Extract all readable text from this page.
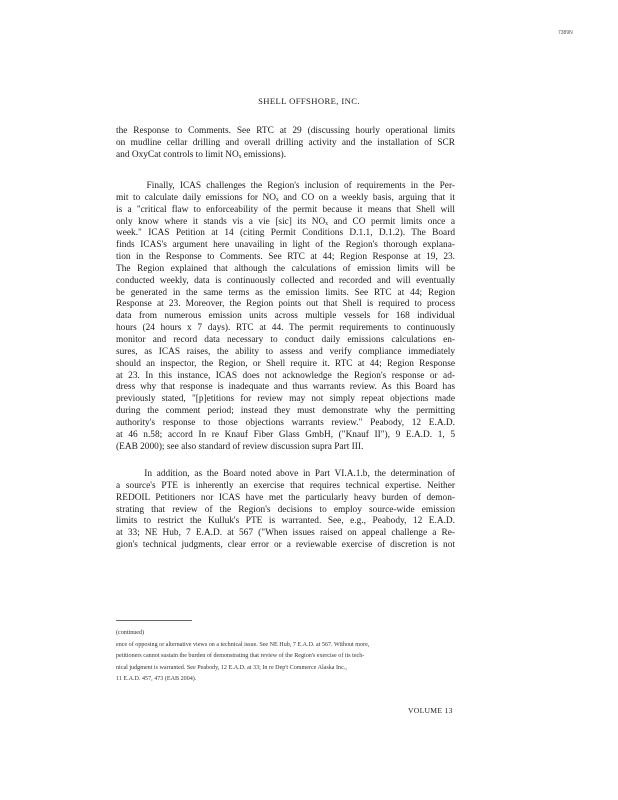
7389N
SHELL OFFSHORE, INC.
the Response to Comments. See RTC at 29 (discussing hourly operational limits
on mudline cellar drilling and overall drilling activity and the installation of SCR
and OxyCat controls to limit NOₓ emissions).
Finally, ICAS challenges the Region's inclusion of requirements in the Per-
mit to calculate daily emissions for NOₓ and CO on a weekly basis, arguing that it
is a "critical flaw to enforceability of the permit because it means that Shell will
only know where it stands vis a vie [sic] its NOₓ and CO permit limits once a
week." ICAS Petition at 14 (citing Permit Conditions D.1.1, D.1.2). The Board
finds ICAS's argument here unavailing in light of the Region's thorough explana-
tion in the Response to Comments. See RTC at 44; Region Response at 19, 23.
The Region explained that although the calculations of emission limits will be
conducted weekly, data is continuously collected and recorded and will eventually
be generated in the same terms as the emission limits. See RTC at 44; Region
Response at 23. Moreover, the Region points out that Shell is required to process
data from numerous emission units across multiple vessels for 168 individual
hours (24 hours x 7 days). RTC at 44. The permit requirements to continuously
monitor and record data necessary to conduct daily emissions calculations en-
sures, as ICAS raises, the ability to assess and verify compliance immediately
should an inspector, the Region, or Shell require it. RTC at 44; Region Response
at 23. In this instance, ICAS does not acknowledge the Region's response or ad-
dress why that response is inadequate and thus warrants review. As this Board has
previously stated, "[p]etitions for review may not simply repeat objections made
during the comment period; instead they must demonstrate why the permitting
authority's response to those objections warrants review." Peabody, 12 E.A.D.
at 46 n.58; accord In re Knauf Fiber Glass GmbH, ("Knauf II"), 9 E.A.D. 1, 5
(EAB 2000); see also standard of review discussion supra Part III.
In addition, as the Board noted above in Part VI.A.1.b, the determination of
a source's PTE is inherently an exercise that requires technical expertise. Neither
REDOIL Petitioners nor ICAS have met the particularly heavy burden of demon-
strating that review of the Region's decisions to employ source-wide emission
limits to restrict the Kulluk's PTE is warranted. See, e.g., Peabody, 12 E.A.D.
at 33; NE Hub, 7 E.A.D. at 567 ("When issues raised on appeal challenge a Re-
gion's technical judgments, clear error or a reviewable exercise of discretion is not
(continued)
ence of opposing or alternative views on a technical issue. See NE Hub, 7 E.A.D. at 567. Without more,
petitioners cannot sustain the burden of demonstrating that review of the Region's exercise of its tech-
nical judgment is warranted. See Peabody, 12 E.A.D. at 33; In re Dep't Commerce Alaska Inc.,
11 E.A.D. 457, 473 (EAB 2004).
VOLUME 13
